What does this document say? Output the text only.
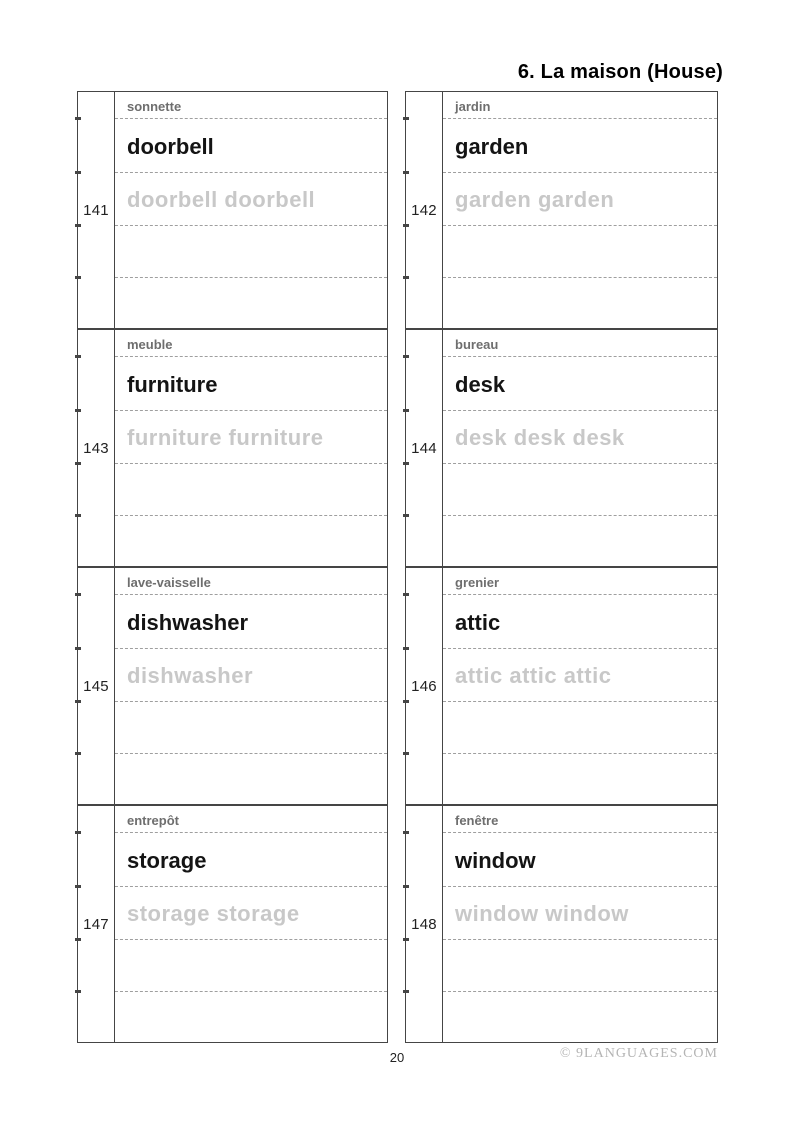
6. La maison (House)
141
sonnette
doorbell
doorbell doorbell	142
jardin
garden
garden garden
143
meuble
furniture
furniture furniture	144
bureau
desk
desk desk desk
145
lave-vaisselle
dishwasher
dishwasher	146
grenier
attic
attic attic attic
147
entrepôt
storage
storage storage	148
fenêtre
window
window window
20	© 9LANGUAGES.COM
